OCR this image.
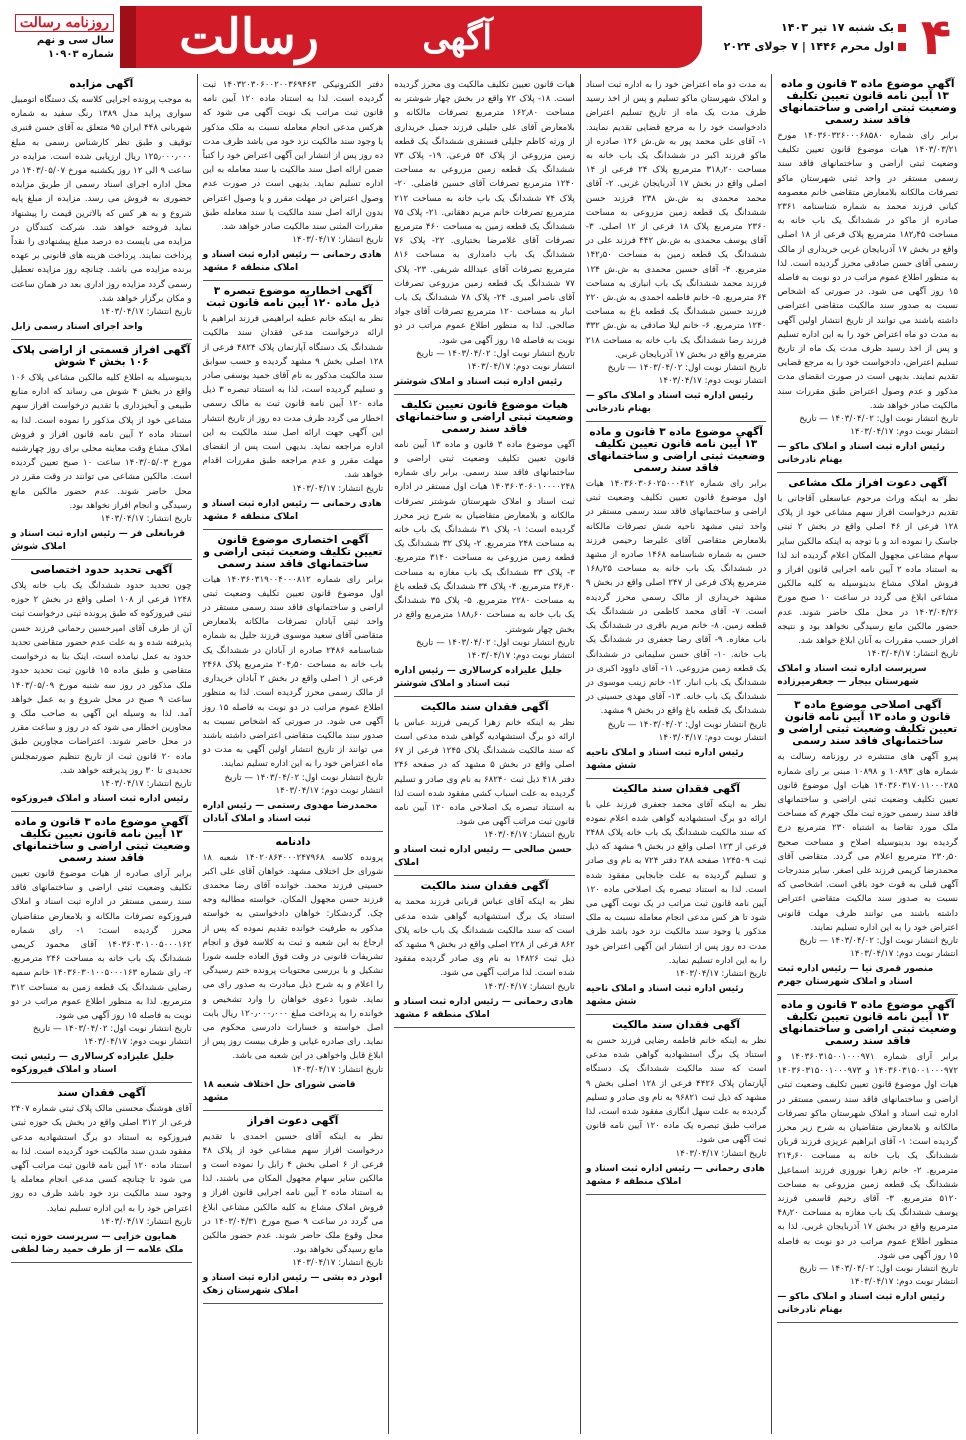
۴
یک شنبه ۱۷ تیر ۱۴۰۳
اول محرم ۱۴۴۶ | ۷ جولای ۲۰۲۴
آگهی
رسالت
روزنامه رسالت
سال سی و نهم
شماره ۱۰۹۰۳
آگهی موضوع ماده ۳ قانون و ماده ۱۳ آیین نامه قانون تعیین تکلیف وضعیت ثبتی اراضی و ساختمانهای فاقد سند رسمی

برابر رای شماره ۱۴۰۳۶۰۳۲۶۰۰۰۶۸۵۸۰ مورخ ۱۴۰۳/۰۳/۲۱ هیات موضوع قانون تعیین تکلیف وضعیت ثبتی اراضی و ساختمانهای فاقد سند رسمی مستقر در واحد ثبتی شهرستان ماکو تصرفات مالکانه بلامعارض متقاضی خانم معصومه کیانی فرزند محمد به شماره شناسنامه ۲۳۶۱ صادره از ماکو در ششدانگ یک باب خانه به مساحت ۱۸۲٫۴۵ مترمربع پلاک فرعی از ۱۸ اصلی واقع در بخش ۱۷ آذربایجان غربی خریداری از مالک رسمی آقای حسن صادقی محرز گردیده است. لذا به منظور اطلاع عموم مراتب در دو نوبت به فاصله ۱۵ روز آگهی می شود. در صورتی که اشخاص نسبت به صدور سند مالکیت متقاضی اعتراضی داشته باشند می توانند از تاریخ انتشار اولین آگهی به مدت دو ماه اعتراض خود را به این اداره تسلیم و پس از اخذ رسید ظرف مدت یک ماه از تاریخ تسلیم اعتراض، دادخواست خود را به مرجع قضایی تقدیم نمایند. بدیهی است در صورت انقضای مدت مذکور و عدم وصول اعتراض طبق مقررات سند مالکیت صادر خواهد شد.

تاریخ انتشار نوبت اول: ۱۴۰۳/۰۴/۰۲ — تاریخ انتشار نوبت دوم: ۱۴۰۳/۰۴/۱۷

رئیس اداره ثبت اسناد و املاک ماکو — بهنام نادرخانی

آگهی دعوت افراز ملک مشاعی

نظر به اینکه وراث مرحوم عباسعلی آقاجانی با تقدیم درخواست افراز سهم مشاعی خود از پلاک ۱۲۸ فرعی از ۴۶ اصلی واقع در بخش ۲ ثبتی جاسک را نموده اند و با توجه به اینکه مالکین سایر سهام مشاعی مجهول المکان اعلام گردیده اند لذا به استناد ماده ۲ آیین نامه اجرایی قانون افراز و فروش املاک مشاع بدینوسیله به کلیه مالکین مشاعی ابلاغ می گردد در ساعت ۱۰ صبح مورخ ۱۴۰۳/۰۴/۲۶ در محل ملک حاضر شوند. عدم حضور مالکین مانع رسیدگی نخواهد بود و نتیجه افراز حسب مقررات به آنان ابلاغ خواهد شد.

تاریخ انتشار: ۱۴۰۳/۰۴/۱۷

سرپرست اداره ثبت اسناد و املاک شهرستان بیجار — جعفرمیرزاده

آگهی اصلاحی موضوع ماده ۳ قانون و ماده ۱۳ آیین نامه قانون تعیین تکلیف وضعیت ثبتی اراضی و ساختمانهای فاقد سند رسمی

پیرو آگهی های منتشره در روزنامه رسالت به شماره های ۱۰۸۹۳ و ۱۰۸۹۸ مبنی بر رای شماره ۱۴۰۳۶۰۳۱۷۰۱۱۰۰۰۲۸۵ هیات اول موضوع قانون تعیین تکلیف وضعیت ثبتی اراضی و ساختمانهای فاقد سند رسمی حوزه ثبت ملک جهرم که مساحت ملک مورد تقاضا به اشتباه ۲۳۰ مترمربع درج گردیده بود بدینوسیله اصلاح و مساحت صحیح ۲۳۰٫۵۰ مترمربع اعلام می گردد. متقاضی آقای محمدرضا کریمی فرزند علی اصغر. سایر مندرجات آگهی قبلی به قوت خود باقی است. اشخاصی که نسبت به صدور سند مالکیت متقاضی اعتراض داشته باشند می توانند ظرف مهلت قانونی اعتراض خود را به این اداره تسلیم نمایند.

تاریخ انتشار نوبت اول: ۱۴۰۳/۰۴/۰۲ — تاریخ انتشار نوبت دوم: ۱۴۰۳/۰۴/۱۷

منصور قمری نیا — رئیس اداره ثبت اسناد و املاک شهرستان جهرم

آگهی موضوع ماده ۳ قانون و ماده ۱۳ آیین نامه قانون تعیین تکلیف وضعیت ثبتی اراضی و ساختمانهای فاقد سند رسمی

برابر آرای شماره ۱۴۰۳۶۰۳۱۵۰۰۱۰۰۰۹۷۱ و ۱۴۰۳۶۰۳۱۵۰۰۱۰۰۰۹۷۲ و ۱۴۰۳۶۰۳۱۵۰۰۱۰۰۰۹۷۳ هیات اول موضوع قانون تعیین تکلیف وضعیت ثبتی اراضی و ساختمانهای فاقد سند رسمی مستقر در اداره ثبت اسناد و املاک شهرستان ماکو تصرفات مالکانه و بلامعارض متقاضیان به شرح زیر محرز گردیده است: ۱- آقای ابراهیم عزیزی فرزند قربان ششدانگ یک باب خانه به مساحت ۲۱۴٫۶۰ مترمربع. ۲- خانم زهرا نوروزی فرزند اسماعیل ششدانگ یک قطعه زمین مزروعی به مساحت ۵۱۲۰ مترمربع. ۳- آقای رحیم قاسمی فرزند یوسف ششدانگ یک باب مغازه به مساحت ۴۸٫۲۰ مترمربع واقع در بخش ۱۷ آذربایجان غربی. لذا به منظور اطلاع عموم مراتب در دو نوبت به فاصله ۱۵ روز آگهی می شود.

تاریخ انتشار نوبت اول: ۱۴۰۳/۰۴/۰۲ — تاریخ انتشار نوبت دوم: ۱۴۰۳/۰۴/۱۷

رئیس اداره ثبت اسناد و املاک ماکو — بهنام نادرخانی

به مدت دو ماه اعتراض خود را به اداره ثبت اسناد و املاک شهرستان ماکو تسلیم و پس از اخذ رسید ظرف مدت یک ماه از تاریخ تسلیم اعتراض دادخواست خود را به مرجع قضایی تقدیم نمایند. ۱- آقای علی محمد پور به ش.ش ۱۲۶ صادره از ماکو فرزند اکبر در ششدانگ یک باب خانه به مساحت ۳۱۸٫۲۰ مترمربع پلاک ۲۴ فرعی از ۱۴ اصلی واقع در بخش ۱۷ آذربایجان غربی. ۲- آقای محمد محمدی به ش.ش ۲۳۸ فرزند حسن ششدانگ یک قطعه زمین مزروعی به مساحت ۲۳۶۰ مترمربع پلاک ۱۸ فرعی از ۱۲ اصلی. ۳- آقای یوسف محمدی به ش.ش ۴۴۲ فرزند علی در ششدانگ یک قطعه زمین به مساحت ۱۴۲٫۵۰ مترمربع. ۴- آقای حسین محمدی به ش.ش ۱۲۴ فرزند محمد ششدانگ یک باب انباری به مساحت ۶۴ مترمربع. ۵- خانم فاطمه احمدی به ش.ش ۲۲۰ فرزند حسین ششدانگ یک قطعه باغ به مساحت ۱۲۴۰ مترمربع. ۶- خانم لیلا صادقی به ش.ش ۳۳۲ فرزند رضا ششدانگ یک باب خانه به مساحت ۲۱۸ مترمربع واقع در بخش ۱۷ آذربایجان غربی.

تاریخ انتشار نوبت اول: ۱۴۰۳/۰۴/۰۲ — تاریخ انتشار نوبت دوم: ۱۴۰۳/۰۴/۱۷

رئیس اداره ثبت اسناد و املاک ماکو — بهنام نادرخانی

آگهی موضوع ماده ۳ قانون و ماده ۱۳ آیین نامه قانون تعیین تکلیف وضعیت ثبتی اراضی و ساختمانهای فاقد سند رسمی

برابر رای شماره ۱۴۰۳۶۰۳۰۶۰۲۵۰۰۰۴۱۲ هیات اول موضوع قانون تعیین تکلیف وضعیت ثبتی اراضی و ساختمانهای فاقد سند رسمی مستقر در واحد ثبتی مشهد ناحیه شش تصرفات مالکانه بلامعارض متقاضی آقای علیرضا رحیمی فرزند حسن به شماره شناسنامه ۱۴۶۸ صادره از مشهد در ششدانگ یک باب خانه به مساحت ۱۶۸٫۲۵ مترمربع پلاک فرعی از ۲۴۷ اصلی واقع در بخش ۹ مشهد خریداری از مالک رسمی محرز گردیده است. ۷- آقای محمد کاظمی در ششدانگ یک قطعه زمین. ۸- خانم مریم باقری در ششدانگ یک باب مغازه. ۹- آقای رضا جعفری در ششدانگ یک باب خانه. ۱۰- آقای حسن سلیمانی در ششدانگ یک قطعه زمین مزروعی. ۱۱- آقای داوود اکبری در ششدانگ یک باب انبار. ۱۲- خانم زینب موسوی در ششدانگ یک باب خانه. ۱۳- آقای مهدی حسینی در ششدانگ یک قطعه باغ واقع در بخش ۹ مشهد.

تاریخ انتشار نوبت اول: ۱۴۰۳/۰۴/۰۲ — تاریخ انتشار نوبت دوم: ۱۴۰۳/۰۴/۱۷

رئیس اداره ثبت اسناد و املاک ناحیه شش مشهد

آگهی فقدان سند مالکیت

نظر به اینکه آقای محمد جعفری فرزند علی با ارائه دو برگ استشهادیه گواهی شده اعلام نموده که سند مالکیت ششدانگ یک باب خانه پلاک ۲۴۸۸ فرعی از ۱۲۳ اصلی واقع در بخش ۹ مشهد که ذیل ثبت ۱۲۴۵۰۹ صفحه ۲۸۸ دفتر ۷۲۴ به نام وی صادر و تسلیم گردیده به علت جابجایی مفقود شده است. لذا به استناد تبصره یک اصلاحی ماده ۱۲۰ آیین نامه قانون ثبت مراتب در یک نوبت آگهی می شود تا هر کس مدعی انجام معامله نسبت به ملک مذکور یا وجود سند مالکیت نزد خود باشد ظرف مدت ده روز پس از انتشار این آگهی اعتراض خود را به این اداره تسلیم نماید.

تاریخ انتشار: ۱۴۰۳/۰۴/۱۷

رئیس اداره ثبت اسناد و املاک ناحیه شش مشهد

آگهی فقدان سند مالکیت

نظر به اینکه خانم فاطمه رضایی فرزند حسن به استناد یک برگ استشهادیه گواهی شده مدعی است که سند مالکیت ششدانگ یک دستگاه آپارتمان پلاک ۴۴۲۶ فرعی از ۱۲۸ اصلی بخش ۹ مشهد که ذیل ثبت ۹۶۸۲۱ به نام وی صادر و تسلیم گردیده به علت سهل انگاری مفقود شده است، لذا مراتب طبق تبصره یک ماده ۱۲۰ آیین نامه قانون ثبت آگهی می شود.

تاریخ انتشار: ۱۴۰۳/۰۴/۱۷

هادی رحمانی — رئیس اداره ثبت اسناد و املاک منطقه ۶ مشهد

هیات قانون تعیین تکلیف مالکیت وی محرز گردیده است. ۱۸- پلاک ۷۲ واقع در بخش چهار شوشتر به مساحت ۱۶۲٫۸۰ مترمربع تصرفات مالکانه و بلامعارض آقای علی جلیلی فرزند جمیل خریداری از ورثه کاظم جلیلی فسنقری ششدانگ یک قطعه زمین مزروعی از پلاک ۵۴ فرعی. ۱۹- پلاک ۷۳ ششدانگ یک قطعه زمین مزروعی به مساحت ۱۲۴۰ مترمربع تصرفات آقای حسین فاضلی. ۲۰- پلاک ۷۴ ششدانگ یک باب خانه به مساحت ۲۱۲ مترمربع تصرفات خانم مریم دهقانی. ۲۱- پلاک ۷۵ ششدانگ یک قطعه زمین به مساحت ۴۶۰ مترمربع تصرفات آقای غلامرضا بختیاری. ۲۲- پلاک ۷۶ ششدانگ یک باب دامداری به مساحت ۸۱۶ مترمربع تصرفات آقای عبدالله شریفی. ۲۳- پلاک ۷۷ ششدانگ یک قطعه زمین مزروعی تصرفات آقای ناصر امیری. ۲۴- پلاک ۷۸ ششدانگ یک باب انبار به مساحت ۱۲۰ مترمربع تصرفات آقای جواد صالحی. لذا به منظور اطلاع عموم مراتب در دو نوبت به فاصله ۱۵ روز آگهی می شود.

تاریخ انتشار نوبت اول: ۱۴۰۳/۰۴/۰۲ — تاریخ انتشار نوبت دوم: ۱۴۰۳/۰۴/۱۷

رئیس اداره ثبت اسناد و املاک شوشتر

هیات موضوع قانون تعیین تکلیف وضعیت ثبتی اراضی و ساختمانهای فاقد سند رسمی

آگهی موضوع ماده ۳ قانون و ماده ۱۳ آیین نامه قانون تعیین تکلیف وضعیت ثبتی اراضی و ساختمانهای فاقد سند رسمی. برابر رای شماره ۱۴۰۳۶۰۳۰۶۰۱۰۰۰۰۲۴۸ هیات اول مستقر در اداره ثبت اسناد و املاک شهرستان شوشتر تصرفات مالکانه و بلامعارض متقاضیان به شرح زیر محرز گردیده است: ۱- پلاک ۳۱ ششدانگ یک باب خانه به مساحت ۲۴۸ مترمربع. ۲- پلاک ۳۲ ششدانگ یک قطعه زمین مزروعی به مساحت ۳۱۴۰ مترمربع. ۳- پلاک ۳۳ ششدانگ یک باب مغازه به مساحت ۳۶٫۴۰ مترمربع. ۴- پلاک ۳۴ ششدانگ یک قطعه باغ به مساحت ۲۲۸۰ مترمربع. ۵- پلاک ۳۵ ششدانگ یک باب خانه به مساحت ۱۸۸٫۶۰ مترمربع واقع در بخش چهار شوشتر.

تاریخ انتشار نوبت اول: ۱۴۰۳/۰۴/۰۲ — تاریخ انتشار نوبت دوم: ۱۴۰۳/۰۴/۱۷

جلیل علیزاده کرسالاری — رئیس اداره ثبت اسناد و املاک شوشتر

آگهی فقدان سند مالکیت

نظر به اینکه خانم زهرا کریمی فرزند عباس با ارائه دو برگ استشهادیه گواهی شده مدعی است که سند مالکیت ششدانگ پلاک ۱۲۴۵ فرعی از ۶۷ اصلی واقع در بخش ۵ مشهد که در صفحه ۲۴۶ دفتر ۴۱۸ ذیل ثبت ۶۸۲۴۰ به نام وی صادر و تسلیم گردیده به علت اسباب کشی مفقود شده است لذا به استناد تبصره یک اصلاحی ماده ۱۲۰ آیین نامه قانون ثبت مراتب آگهی می شود.

تاریخ انتشار: ۱۴۰۳/۰۴/۱۷

حسن صالحی — رئیس اداره ثبت اسناد و املاک

آگهی فقدان سند مالکیت

نظر به اینکه آقای عباس قربانی فرزند محمد به استناد یک برگ استشهادیه گواهی شده مدعی است که سند مالکیت ششدانگ یک باب خانه پلاک ۸۶۲ فرعی از ۲۲۸ اصلی واقع در بخش ۹ مشهد که ذیل ثبت ۱۴۸۲۶ به نام وی صادر گردیده مفقود شده است. لذا مراتب آگهی می شود.

تاریخ انتشار: ۱۴۰۳/۰۴/۱۷

هادی رحمانی — رئیس اداره ثبت اسناد و املاک منطقه ۶ مشهد

دفتر الکترونیکی ۱۴۰۳۲۰۳۰۶۰۰۲۰۰۳۶۹۴۶۳ ثبت گردیده است. لذا به استناد ماده ۱۲۰ آیین نامه قانون ثبت مراتب یک نوبت آگهی می شود که هرکس مدعی انجام معامله نسبت به ملک مذکور یا وجود سند مالکیت نزد خود می باشد ظرف مدت ده روز پس از انتشار این آگهی اعتراض خود را کتباً ضمن ارائه اصل سند مالکیت یا سند معامله به این اداره تسلیم نماید. بدیهی است در صورت عدم وصول اعتراض در مهلت مقرر و یا وصول اعتراض بدون ارائه اصل سند مالکیت یا سند معامله طبق مقررات المثنی سند مالکیت صادر خواهد شد.

تاریخ انتشار: ۱۴۰۳/۰۴/۱۷

هادی رحمانی — رئیس اداره ثبت اسناد و املاک منطقه ۶ مشهد

آگهی اخطاریه موضوع تبصره ۳ ذیل ماده ۱۲۰ آیین نامه قانون ثبت

نظر به اینکه خانم عطیه ابراهیمی فرزند ابراهیم با ارائه درخواست مدعی فقدان سند مالکیت ششدانگ یک دستگاه آپارتمان پلاک ۴۸۲۴ فرعی از ۱۲۸ اصلی بخش ۹ مشهد گردیده و حسب سوابق سند مالکیت مذکور به نام آقای حمید یوسفی صادر و تسلیم گردیده است، لذا به استناد تبصره ۳ ذیل ماده ۱۲۰ آیین نامه قانون ثبت به مالک رسمی اخطار می گردد ظرف مدت ده روز از تاریخ انتشار این آگهی جهت ارائه اصل سند مالکیت به این اداره مراجعه نماید. بدیهی است پس از انقضای مهلت مقرر و عدم مراجعه طبق مقررات اقدام خواهد شد.

تاریخ انتشار: ۱۴۰۳/۰۴/۱۷

هادی رحمانی — رئیس اداره ثبت اسناد و املاک منطقه ۶ مشهد

آگهی اختصاری موضوع قانون تعیین تکلیف وضعیت ثبتی اراضی و ساختمانهای فاقد سند رسمی

برابر رای شماره ۱۴۰۳۶۰۳۱۹۰۰۴۰۰۰۸۱۲ هیات اول موضوع قانون تعیین تکلیف وضعیت ثبتی اراضی و ساختمانهای فاقد سند رسمی مستقر در واحد ثبتی آبادان تصرفات مالکانه بلامعارض متقاضی آقای سعید موسوی فرزند جلیل به شماره شناسنامه ۲۴۸۶ صادره از آبادان در ششدانگ یک باب خانه به مساحت ۲۰۴٫۵۰ مترمربع پلاک ۲۴۶۸ فرعی از ۱ اصلی واقع در بخش ۲ آبادان خریداری از مالک رسمی محرز گردیده است. لذا به منظور اطلاع عموم مراتب در دو نوبت به فاصله ۱۵ روز آگهی می شود. در صورتی که اشخاص نسبت به صدور سند مالکیت متقاضی اعتراضی داشته باشند می توانند از تاریخ انتشار اولین آگهی به مدت دو ماه اعتراض خود را به این اداره تسلیم نمایند.

تاریخ انتشار نوبت اول: ۱۴۰۳/۰۴/۰۲ — تاریخ انتشار نوبت دوم: ۱۴۰۳/۰۴/۱۷

محمدرضا مهدوی رستمی — رئیس اداره ثبت اسناد و املاک آبادان

دادنامه

پرونده کلاسه ۱۴۰۲۰۸۶۴۰۰۰۲۴۷۹۶۸ شعبه ۱۸ شورای حل اختلاف مشهد. خواهان آقای علی اکبر حسینی فرزند محمد. خوانده آقای رضا محمدی فرزند حسن مجهول المکان. خواسته مطالبه وجه چک. گردشکار: خواهان دادخواستی به خواسته مذکور به طرفیت خوانده تقدیم نموده که پس از ارجاع به این شعبه و ثبت به کلاسه فوق و انجام تشریفات قانونی در وقت فوق العاده جلسه شورا تشکیل و با بررسی محتویات پرونده ختم رسیدگی را اعلام و به شرح ذیل مبادرت به صدور رای می نماید. شورا دعوی خواهان را وارد تشخیص و خوانده را به پرداخت مبلغ ۱۲۰٫۰۰۰٫۰۰۰ ریال بابت اصل خواسته و خسارات دادرسی محکوم می نماید. رای صادره غیابی و ظرف بیست روز پس از ابلاغ قابل واخواهی در این شعبه می باشد.

تاریخ انتشار: ۱۴۰۳/۰۴/۱۷

قاضی شورای حل اختلاف شعبه ۱۸ مشهد

آگهی دعوت افراز

نظر به اینکه آقای حسین احمدی با تقدیم درخواست افراز سهم مشاعی خود از پلاک ۴۸ فرعی از ۶ اصلی بخش ۴ زابل را نموده است و مالکین سایر سهام مجهول المکان می باشند، لذا به استناد ماده ۲ آیین نامه اجرایی قانون افراز و فروش املاک مشاع به کلیه مالکین مشاعی ابلاغ می گردد در ساعت ۹ صبح مورخ ۱۴۰۳/۰۴/۳۱ در محل وقوع ملک حاضر شوند. عدم حضور مالکین مانع رسیدگی نخواهد بود.

تاریخ انتشار: ۱۴۰۳/۰۴/۱۷

ابوذر ده بشی — رئیس اداره ثبت اسناد و املاک شهرستان زهک

آگهی مزایده

به موجب پرونده اجرایی کلاسه یک دستگاه اتومبیل سواری پراید مدل ۱۳۸۹ رنگ سفید به شماره شهربانی ۴۴۸ ایران ۹۵ متعلق به آقای حسن قنبری توقیف و طبق نظر کارشناس رسمی به مبلغ ۱۲۵٫۰۰۰٫۰۰۰ ریال ارزیابی شده است. مزایده در ساعت ۹ الی ۱۲ روز یکشنبه مورخ ۱۴۰۳/۰۵/۰۷ در محل اداره اجرای اسناد رسمی از طریق مزایده حضوری به فروش می رسد. مزایده از مبلغ پایه شروع و به هر کس که بالاترین قیمت را پیشنهاد نماید فروخته خواهد شد. شرکت کنندگان در مزایده می بایست ده درصد مبلغ پیشنهادی را نقداً پرداخت نمایند. پرداخت هزینه های قانونی بر عهده برنده مزایده می باشد. چنانچه روز مزایده تعطیل رسمی گردد مزایده روز اداری بعد در همان ساعت و مکان برگزار خواهد شد.

تاریخ انتشار: ۱۴۰۳/۰۴/۱۷

واحد اجرای اسناد رسمی زابل

آگهی افراز قسمتی از اراضی پلاک ۱۰۶ بخش ۴ شوش

بدینوسیله به اطلاع کلیه مالکین مشاعی پلاک ۱۰۶ واقع در بخش ۴ شوش می رساند که اداره منابع طبیعی و آبخیزداری با تقدیم درخواست افراز سهم مشاعی خود از پلاک مذکور را نموده است. لذا به استناد ماده ۲ آیین نامه قانون افراز و فروش املاک مشاع وقت معاینه محلی برای روز چهارشنبه مورخ ۱۴۰۳/۰۵/۰۳ ساعت ۱۰ صبح تعیین گردیده است. مالکین مشاعی می توانند در وقت مقرر در محل حاضر شوند. عدم حضور مالکین مانع رسیدگی و انجام افراز نخواهد بود.

تاریخ انتشار: ۱۴۰۳/۰۴/۱۷

قربانعلی فر — رئیس اداره ثبت اسناد و املاک شوش

آگهی تحدید حدود اختصاصی

چون تحدید حدود ششدانگ یک باب خانه پلاک ۱۲۴۸ فرعی از ۱۰۸ اصلی واقع در بخش ۲ حوزه ثبتی فیروزکوه که طبق پرونده ثبتی درخواست ثبت آن از طرف آقای امیرحسین رحمانی فرزند حسن پذیرفته شده و به علت عدم حضور متقاضی تحدید حدود به عمل نیامده است، اینک بنا به درخواست متقاضی و طبق ماده ۱۵ قانون ثبت تحدید حدود ملک مذکور در روز سه شنبه مورخ ۱۴۰۳/۰۵/۰۹ ساعت ۹ صبح در محل شروع و به عمل خواهد آمد. لذا به وسیله این آگهی به صاحب ملک و مجاورین اخطار می شود که در روز و ساعت مقرر در محل حاضر شوند. اعتراضات مجاورین طبق ماده ۲۰ قانون ثبت از تاریخ تنظیم صورتمجلس تحدیدی تا ۳۰ روز پذیرفته خواهد شد.

تاریخ انتشار: ۱۴۰۳/۰۴/۱۷

رئیس اداره ثبت اسناد و املاک فیروزکوه

آگهی موضوع ماده ۳ قانون و ماده ۱۳ آیین نامه قانون تعیین تکلیف وضعیت ثبتی اراضی و ساختمانهای فاقد سند رسمی

برابر آرای صادره از هیات موضوع قانون تعیین تکلیف وضعیت ثبتی اراضی و ساختمانهای فاقد سند رسمی مستقر در اداره ثبت اسناد و املاک فیروزکوه تصرفات مالکانه و بلامعارض متقاضیان محرز گردیده است: ۱- رای شماره ۱۴۰۳۶۰۳۰۱۰۰۵۰۰۰۱۶۲ آقای محمود کریمی ششدانگ یک باب خانه به مساحت ۲۴۶ مترمربع. ۲- رای شماره ۱۴۰۳۶۰۳۰۱۰۰۵۰۰۰۱۶۳ خانم سمیه رضایی ششدانگ یک قطعه زمین به مساحت ۳۱۲ مترمربع. لذا به منظور اطلاع عموم مراتب در دو نوبت به فاصله ۱۵ روز آگهی می شود.

تاریخ انتشار نوبت اول: ۱۴۰۳/۰۴/۰۲ — تاریخ انتشار نوبت دوم: ۱۴۰۳/۰۴/۱۷

جلیل علیزاده کرسالاری — رئیس ثبت اسناد و املاک فیروزکوه

آگهی فقدان سند

آقای هوشنگ محسنی مالک پلاک ثبتی شماره ۲۴۰۷ فرعی از ۳۱۲ اصلی واقع در بخش یک حوزه ثبتی فیروزکوه به استناد دو برگ استشهادیه مدعی مفقود شدن سند مالکیت خود گردیده است. لذا به استناد ماده ۱۲۰ آیین نامه قانون ثبت مراتب آگهی می شود تا چنانچه کسی مدعی انجام معامله یا وجود سند مالکیت نزد خود باشد ظرف ده روز اعتراض خود را به این اداره تسلیم نماید.

تاریخ انتشار: ۱۴۰۳/۰۴/۱۷

همایون خزایی — سرپرست حوزه ثبت ملک علامه — از طرف حمید رضا لطفی
